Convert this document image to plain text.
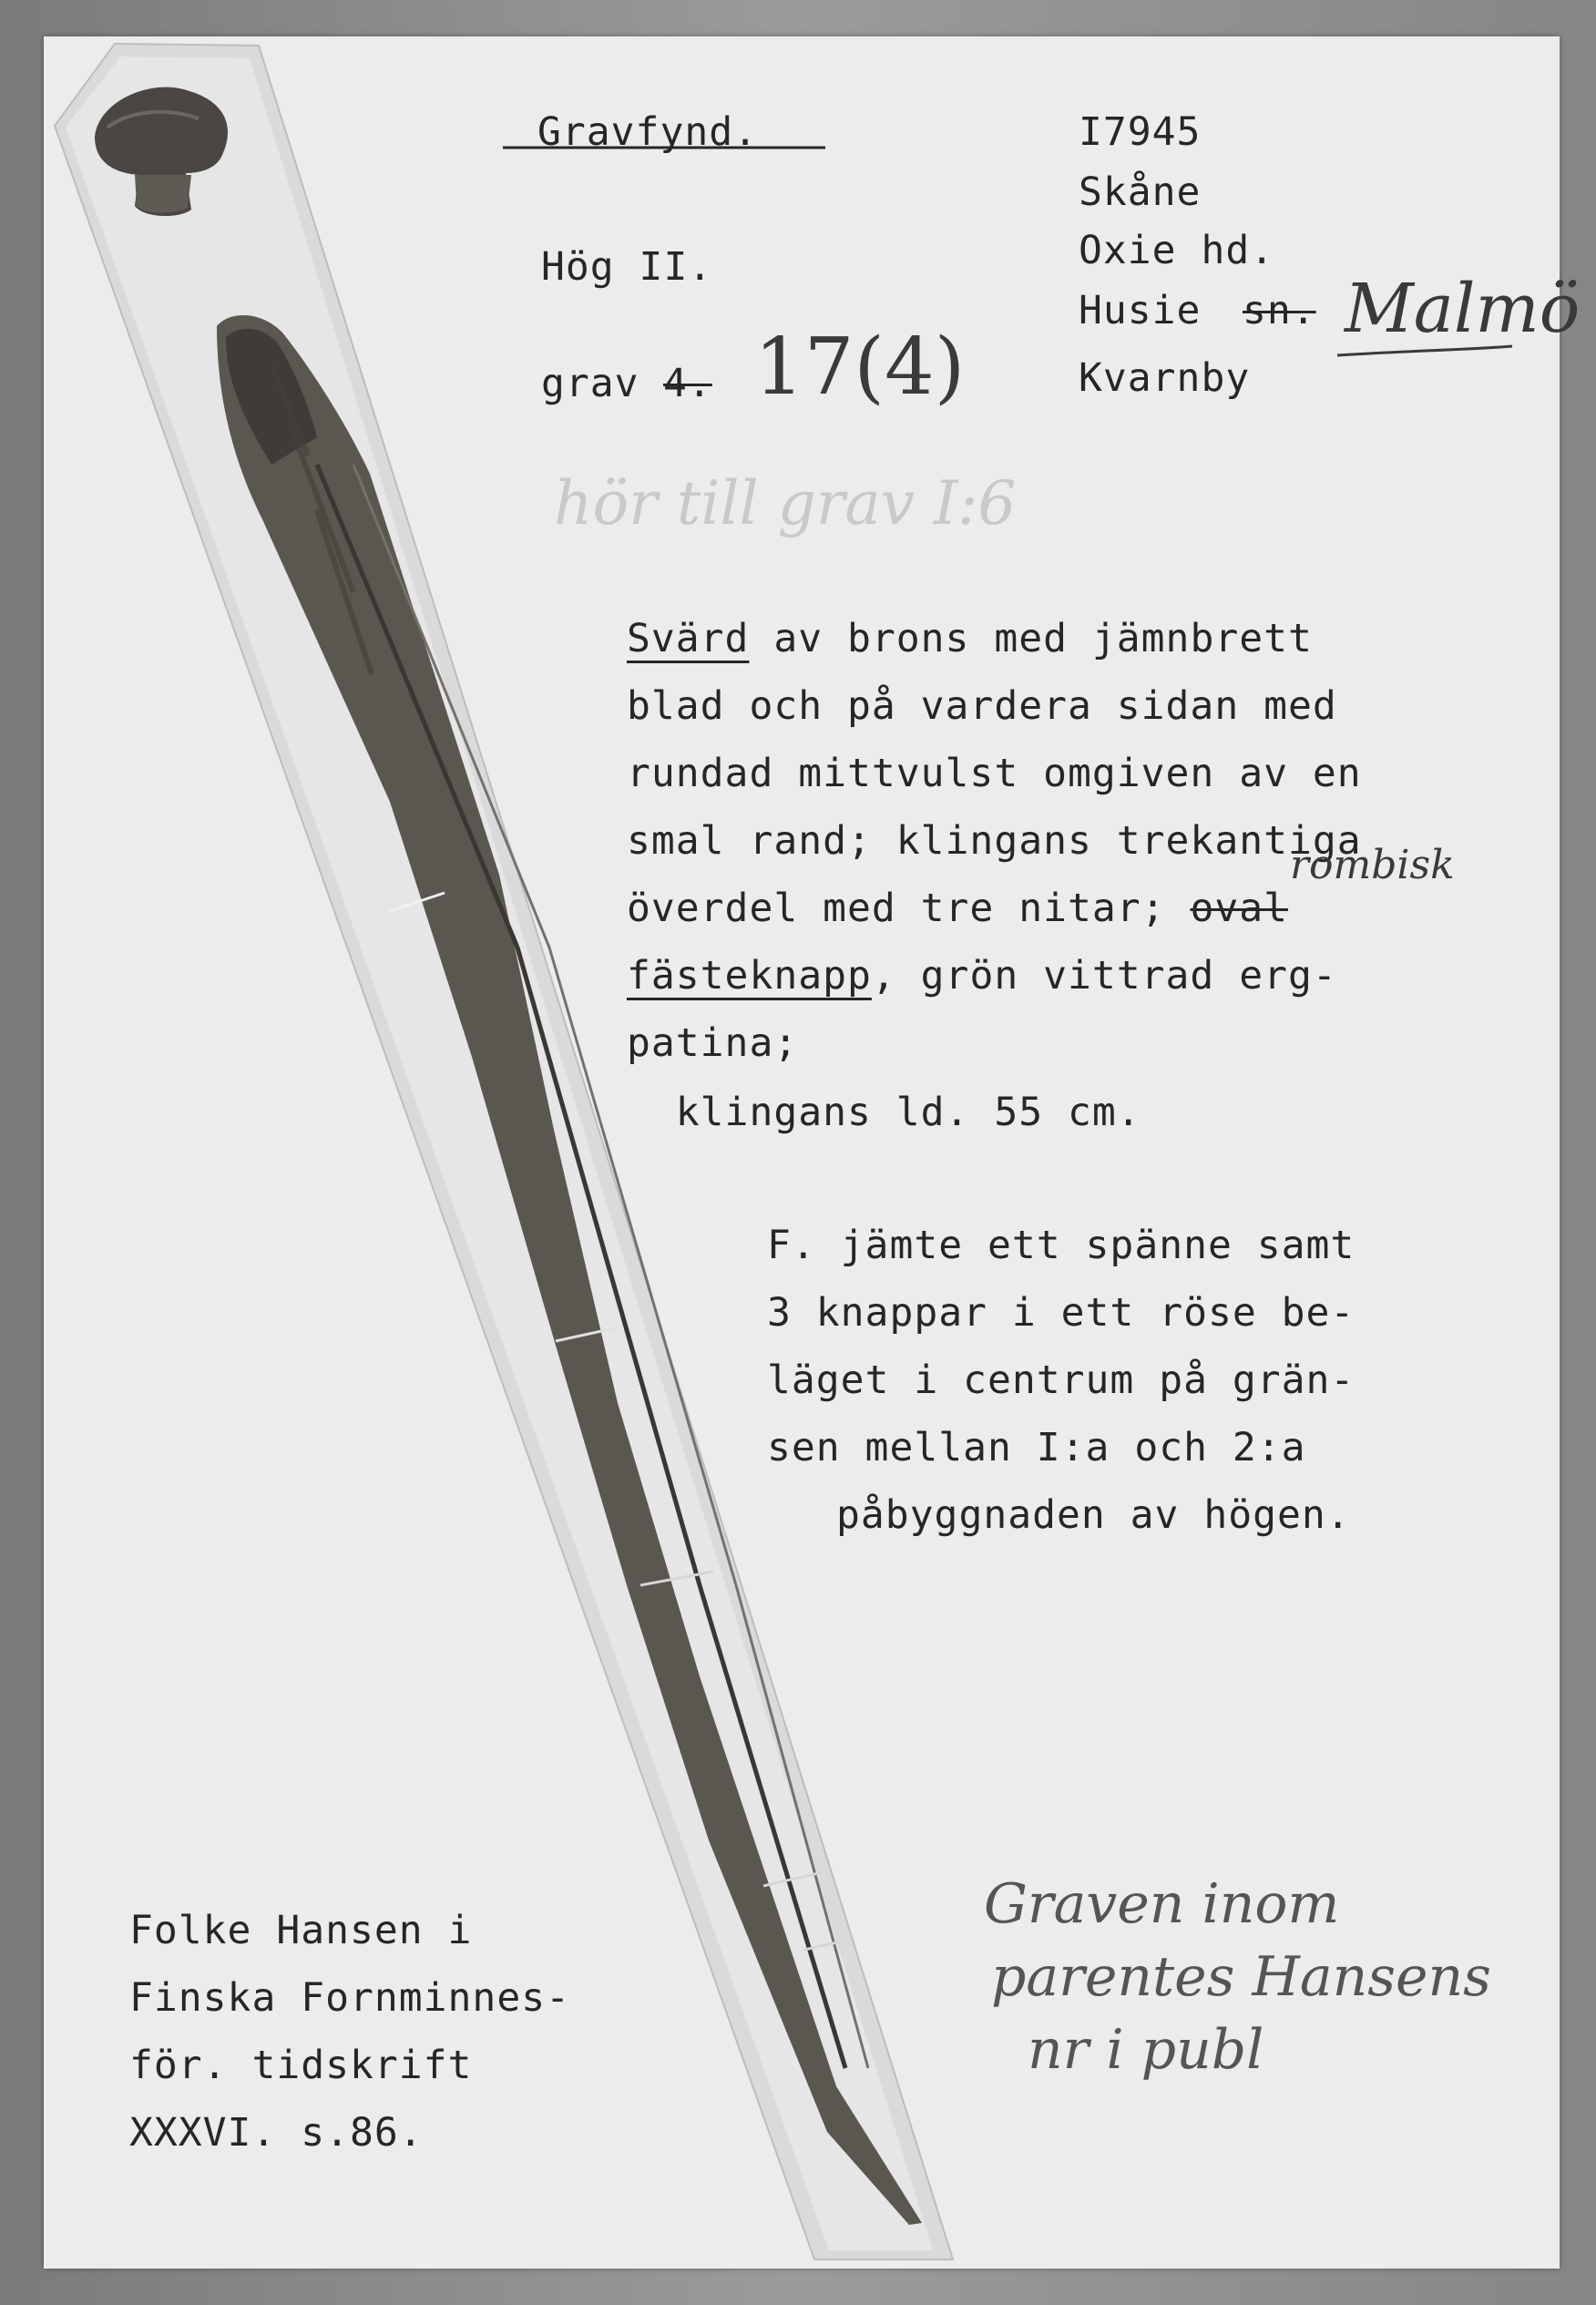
Gravfynd.
Hög II.
grav 4. 17(4)
hör till grav I:6
I7945
Skåne
Oxie hd.
Husie sn. Malmö
Kvarnby
Svärd av brons med jämnbrett
blad och på vardera sidan med
rundad mittvulst omgiven av en
smal rand; klingans trekantiga
överdel med tre nitar; oval
rombisk
fästeknapp, grön vittrad erg-
patina;
klingans ld. 55 cm.
F. jämte ett spänne samt
3 knappar i ett röse be-
läget i centrum på grän-
sen mellan I:a och 2:a
påbyggnaden av högen.
Folke Hansen i
Finska Fornminnes-
för. tidskrift
XXXVI. s.86.
Graven inom
parentes Hansens
nr i publ
